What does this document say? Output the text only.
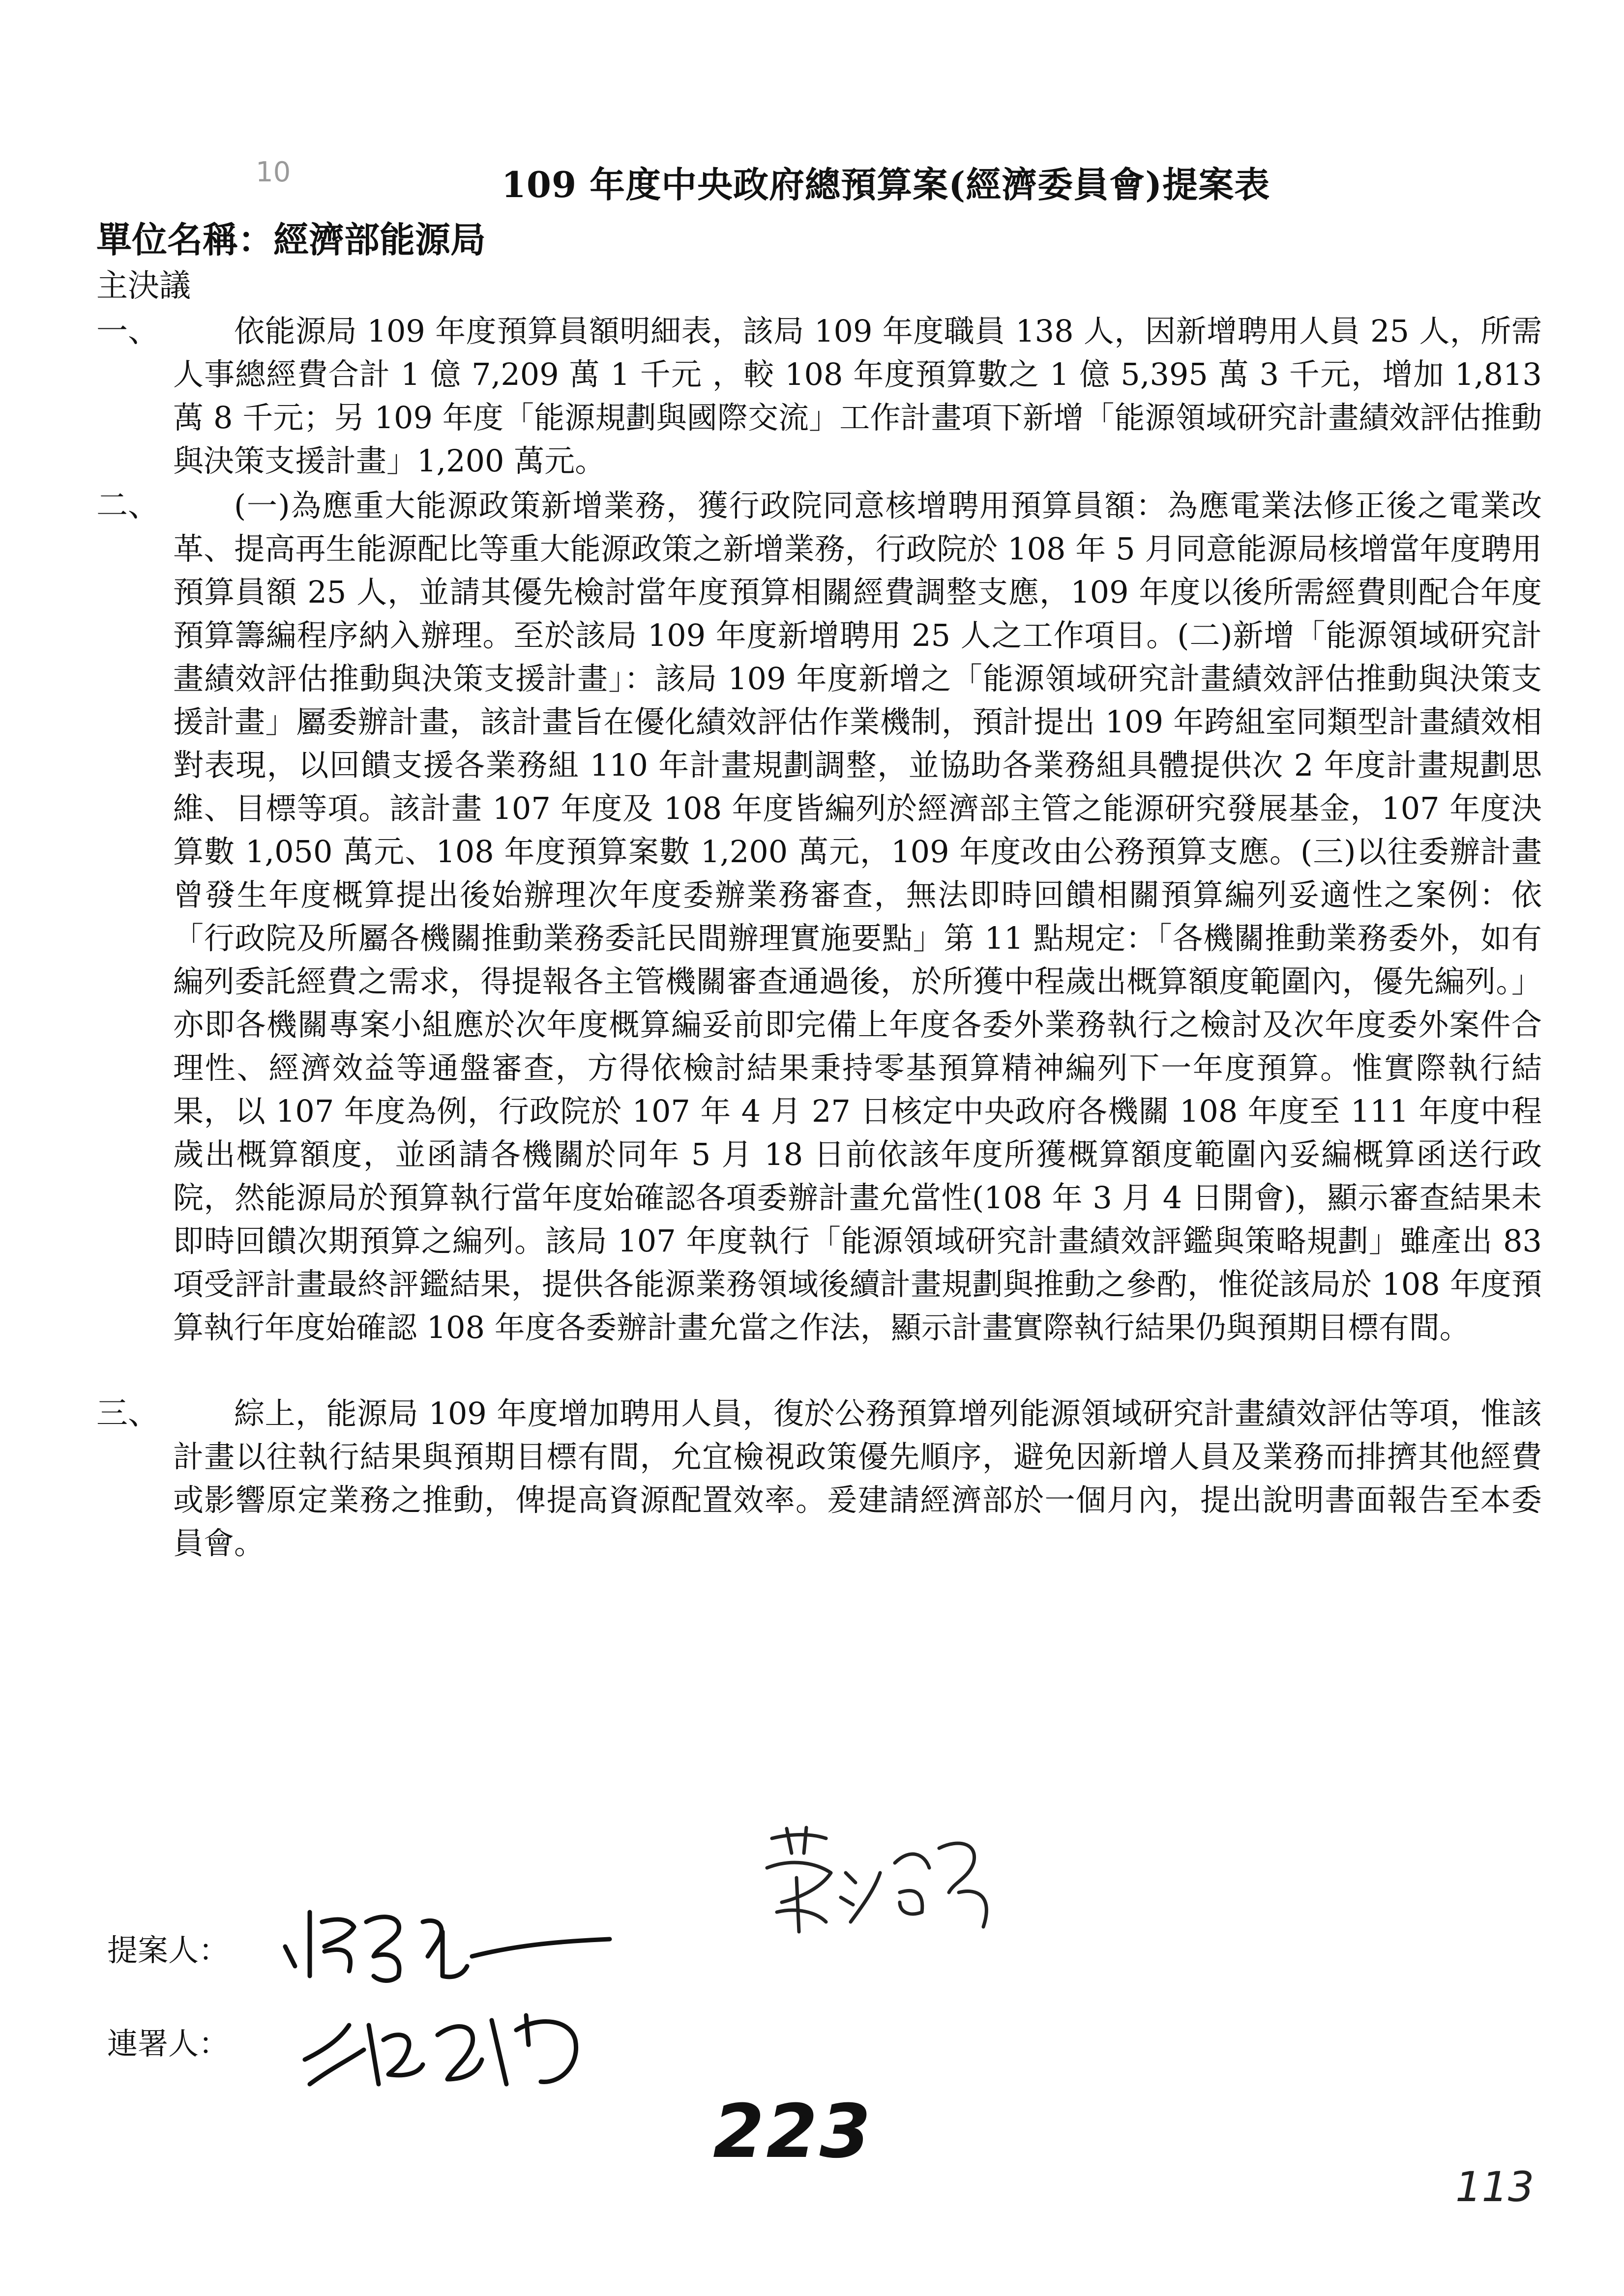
10	109 年度中央政府總預算案(經濟委員會)提案表
單位名稱：經濟部能源局
主決議
一、	依能源局 109 年度預算員額明細表，該局 109 年度職員 138 人，因新增聘用人員 25 人，所需人事總經費合計 1 億 7,209 萬 1 千元 ，較 108 年度預算數之 1 億 5,395 萬 3 千元，增加 1,813 萬 8 千元；另 109 年度「能源規劃與國際交流」工作計畫項下新增「能源領域研究計畫績效評估推動與決策支援計畫」1,200 萬元。
二、	(一)為應重大能源政策新增業務，獲行政院同意核增聘用預算員額：為應電業法修正後之電業改革、提高再生能源配比等重大能源政策之新增業務，行政院於 108 年 5 月同意能源局核增當年度聘用預算員額 25 人，並請其優先檢討當年度預算相關經費調整支應，109 年度以後所需經費則配合年度預算籌編程序納入辦理。至於該局 109 年度新增聘用 25 人之工作項目。(二)新增「能源領域研究計畫績效評估推動與決策支援計畫」：該局 109 年度新增之「能源領域研究計畫績效評估推動與決策支援計畫」屬委辦計畫，該計畫旨在優化績效評估作業機制，預計提出 109 年跨組室同類型計畫績效相對表現，以回饋支援各業務組 110 年計畫規劃調整，並協助各業務組具體提供次 2 年度計畫規劃思維、目標等項。該計畫 107 年度及 108 年度皆編列於經濟部主管之能源研究發展基金，107 年度決算數 1,050 萬元、108 年度預算案數 1,200 萬元，109 年度改由公務預算支應。(三)以往委辦計畫曾發生年度概算提出後始辦理次年度委辦業務審查，無法即時回饋相關預算編列妥適性之案例：依「行政院及所屬各機關推動業務委託民間辦理實施要點」第 11 點規定：「各機關推動業務委外，如有編列委託經費之需求，得提報各主管機關審查通過後，於所獲中程歲出概算額度範圍內，優先編列。」亦即各機關專案小組應於次年度概算編妥前即完備上年度各委外業務執行之檢討及次年度委外案件合理性、經濟效益等通盤審查，方得依檢討結果秉持零基預算精神編列下一年度預算。惟實際執行結果，以 107 年度為例，行政院於 107 年 4 月 27 日核定中央政府各機關 108 年度至 111 年度中程歲出概算額度，並函請各機關於同年 5 月 18 日前依該年度所獲概算額度範圍內妥編概算函送行政院，然能源局於預算執行當年度始確認各項委辦計畫允當性(108 年 3 月 4 日開會)，顯示審查結果未即時回饋次期預算之編列。該局 107 年度執行「能源領域研究計畫績效評鑑與策略規劃」雖產出 83 項受評計畫最終評鑑結果，提供各能源業務領域後續計畫規劃與推動之參酌，惟從該局於 108 年度預算執行年度始確認 108 年度各委辦計畫允當之作法，顯示計畫實際執行結果仍與預期目標有間。
三、	綜上，能源局 109 年度增加聘用人員，復於公務預算增列能源領域研究計畫績效評估等項，惟該計畫以往執行結果與預期目標有間，允宜檢視政策優先順序，避免因新增人員及業務而排擠其他經費或影響原定業務之推動，俾提高資源配置效率。爰建請經濟部於一個月內，提出說明書面報告至本委員會。
提案人：
連署人：
223
113
